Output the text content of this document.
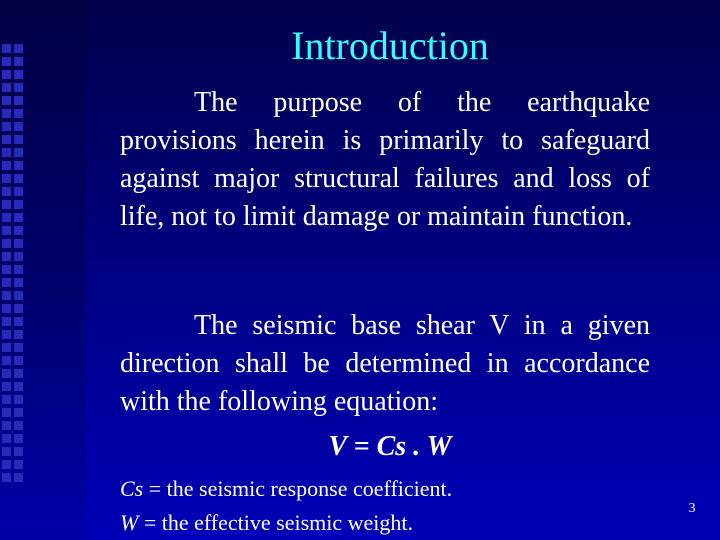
Introduction

The purpose of the earthquake provisions herein is primarily to safeguard against major structural failures and loss of life, not to limit damage or maintain function.

The seismic base shear V in a given direction shall be determined in accordance with the following equation:

V = Cs . W
Cs = the seismic response coefficient.
W = the effective seismic weight.
3
